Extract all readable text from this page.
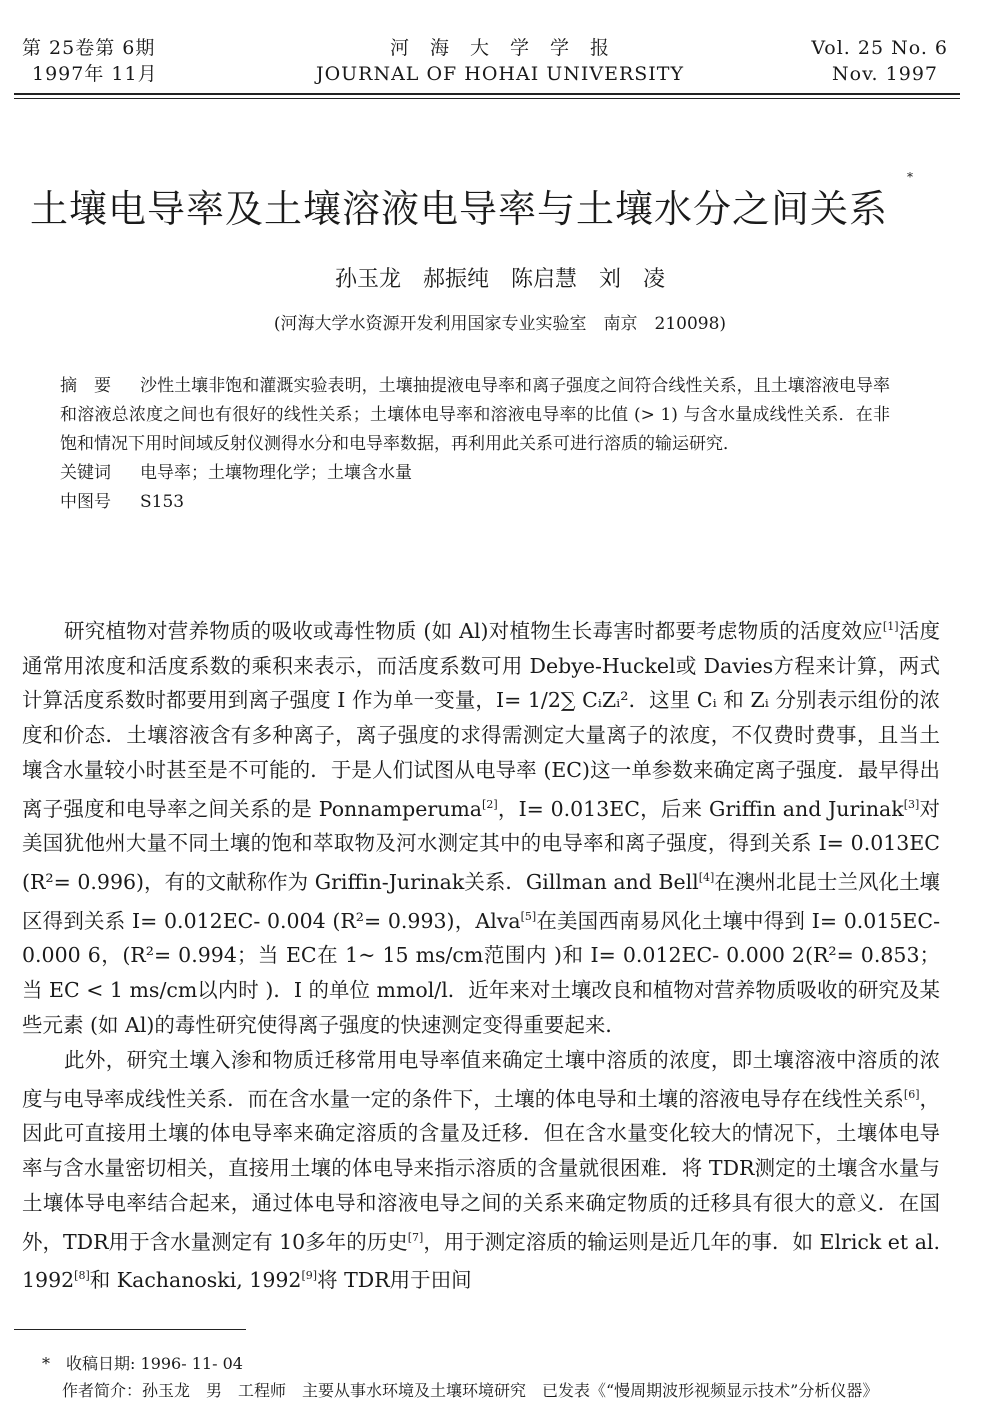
第 25卷第 6期
1997年 11月
河　海　大　学　学　报
JOURNAL OF HOHAI UNIVERSITY
Vol. 25 No. 6
Nov. 1997
土壤电导率及土壤溶液电导率与土壤水分之间关系
*
孙玉龙　郝振纯　陈启慧　刘　凌
(河海大学水资源开发利用国家专业实验室　南京　210098)
摘　要 沙性土壤非饱和灌溉实验表明，土壤抽提液电导率和离子强度之间符合线性关系，且土壤溶液电导率和溶液总浓度之间也有很好的线性关系；土壤体电导率和溶液电导率的比值 (> 1) 与含水量成线性关系．在非饱和情况下用时间域反射仪测得水分和电导率数据，再利用此关系可进行溶质的输运研究．
关键词 电导率；土壤物理化学；土壤含水量
中图号 S153

研究植物对营养物质的吸收或毒性物质 (如 Al)对植物生长毒害时都要考虑物质的活度效应[1]活度通常用浓度和活度系数的乘积来表示，而活度系数可用 Debye-Huckel或 Davies方程来计算，两式计算活度系数时都要用到离子强度 I 作为单一变量，I= 1/2∑ CᵢZᵢ²．这里 Cᵢ 和 Zᵢ 分别表示组份的浓度和价态．土壤溶液含有多种离子，离子强度的求得需测定大量离子的浓度，不仅费时费事，且当土壤含水量较小时甚至是不可能的．于是人们试图从电导率 (EC)这一单参数来确定离子强度．最早得出离子强度和电导率之间关系的是 Ponnamperuma[2]，I= 0.013EC，后来 Griffin and Jurinak[3]对美国犹他州大量不同土壤的饱和萃取物及河水测定其中的电导率和离子强度，得到关系 I= 0.013EC (R²= 0.996)，有的文献称作为 Griffin-Jurinak关系．Gillman and Bell[4]在澳州北昆士兰风化土壤区得到关系 I= 0.012EC- 0.004 (R²= 0.993)，Alva[5]在美国西南易风化土壤中得到 I= 0.015EC- 0.000 6，(R²= 0.994；当 EC在 1~ 15 ms/cm范围内 )和 I= 0.012EC- 0.000 2(R²= 0.853；当 EC < 1 ms/cm以内时 )．I 的单位 mmol/l．近年来对土壤改良和植物对营养物质吸收的研究及某些元素 (如 Al)的毒性研究使得离子强度的快速测定变得重要起来．

此外，研究土壤入渗和物质迁移常用电导率值来确定土壤中溶质的浓度，即土壤溶液中溶质的浓度与电导率成线性关系．而在含水量一定的条件下，土壤的体电导和土壤的溶液电导存在线性关系[6]，因此可直接用土壤的体电导率来确定溶质的含量及迁移．但在含水量变化较大的情况下，土壤体电导率与含水量密切相关，直接用土壤的体电导来指示溶质的含量就很困难．将 TDR测定的土壤含水量与土壤体导电率结合起来，通过体电导和溶液电导之间的关系来确定物质的迁移具有很大的意义．在国外，TDR用于含水量测定有 10多年的历史[7]，用于测定溶质的输运则是近几年的事．如 Elrick et al. 1992[8]和 Kachanoski, 1992[9]将 TDR用于田间

*　 收稿日期: 1996- 11- 04
作者简介：孙玉龙　男　工程师　主要从事水环境及土壤环境研究　已发表《“慢周期波形视频显示技术”分析仪器》
